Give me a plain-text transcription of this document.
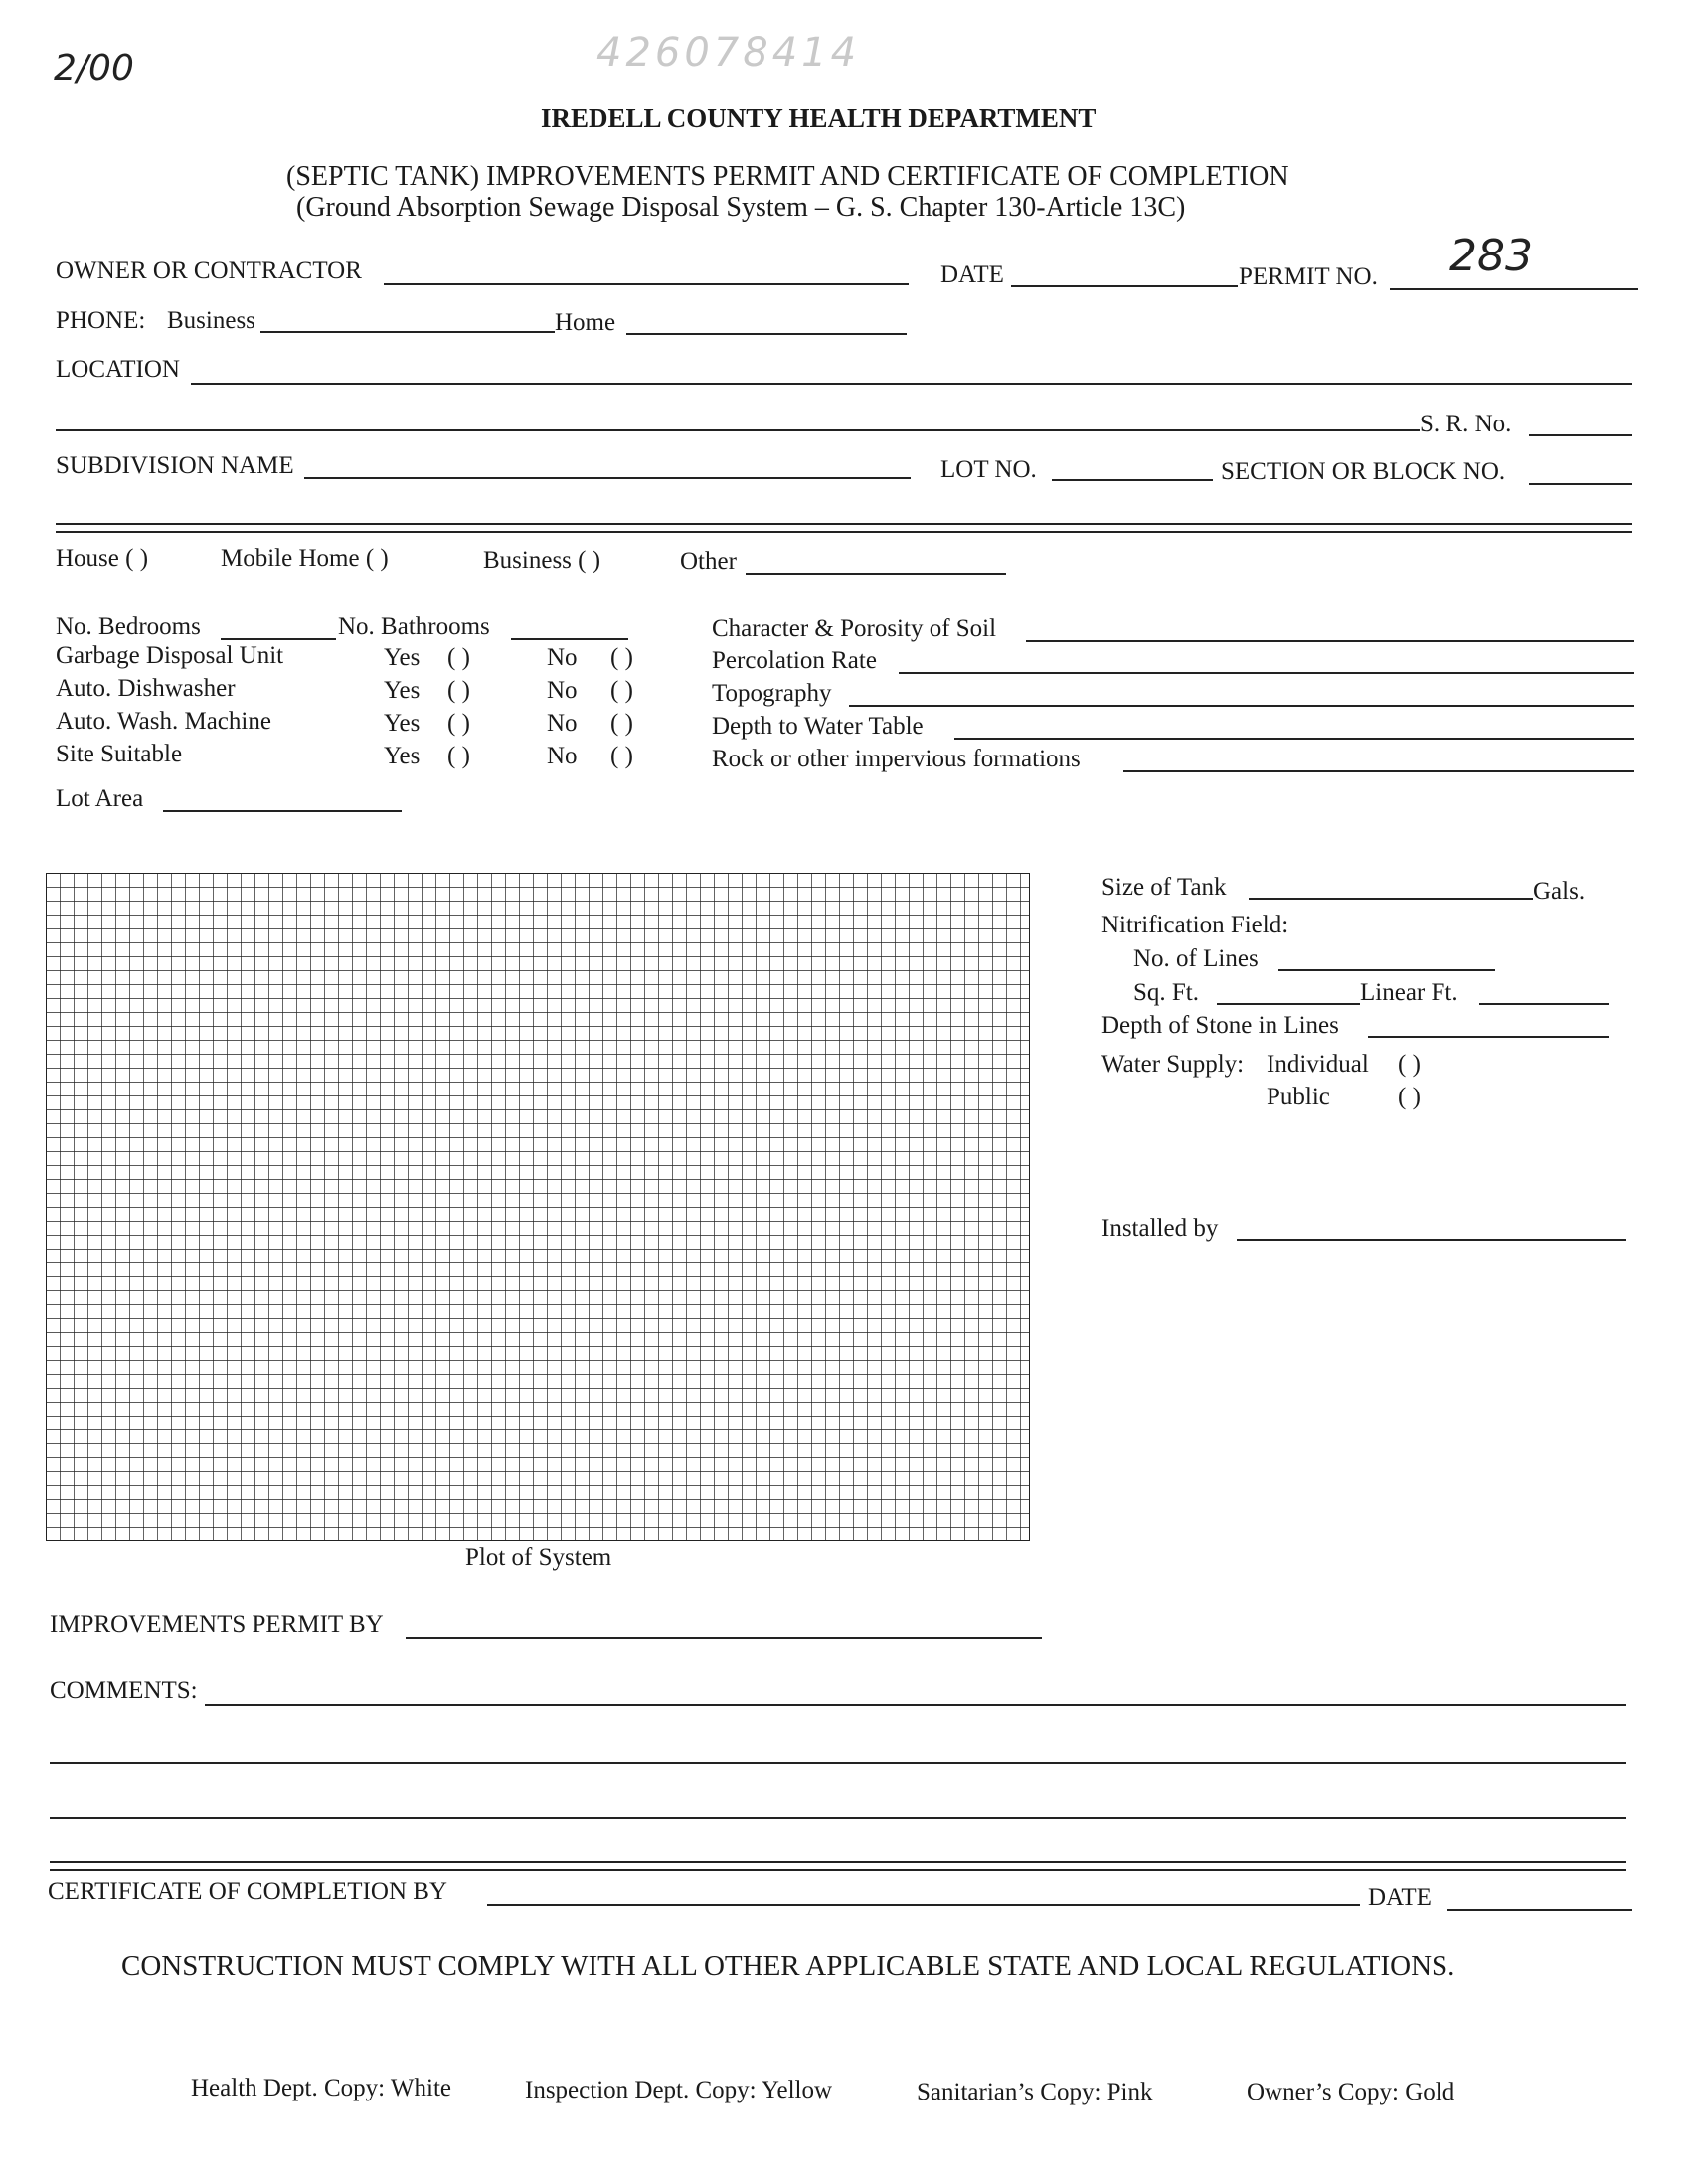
2/00	426078414
IREDELL COUNTY HEALTH DEPARTMENT
(SEPTIC TANK) IMPROVEMENTS PERMIT AND CERTIFICATE OF COMPLETION
(Ground Absorption Sewage Disposal System – G. S. Chapter 130-Article 13C)
OWNER OR CONTRACTOR	DATE	PERMIT NO. 283
PHONE: Business	Home
LOCATION
S. R. No.
SUBDIVISION NAME	LOT NO.	SECTION OR BLOCK NO.
House ( )	Mobile Home ( )	Business ( )	Other
No. Bedrooms	No. Bathrooms
Garbage Disposal Unit	Yes ( )	No ( )
Auto. Dishwasher	Yes ( )	No ( )
Auto. Wash. Machine	Yes ( )	No ( )
Site Suitable	Yes ( )	No ( )
Lot Area
Character & Porosity of Soil
Percolation Rate
Topography
Depth to Water Table
Rock or other impervious formations
Plot of System
Size of Tank	Gals.
Nitrification Field:
No. of Lines
Sq. Ft.	Linear Ft.
Depth of Stone in Lines
Water Supply: Individual ( )
Public	( )
Installed by
IMPROVEMENTS PERMIT BY
COMMENTS:
CERTIFICATE OF COMPLETION BY	DATE
CONSTRUCTION MUST COMPLY WITH ALL OTHER APPLICABLE STATE AND LOCAL REGULATIONS.
Health Dept. Copy: White	Inspection Dept. Copy: Yellow	Sanitarian’s Copy: Pink	Owner’s Copy: Gold
